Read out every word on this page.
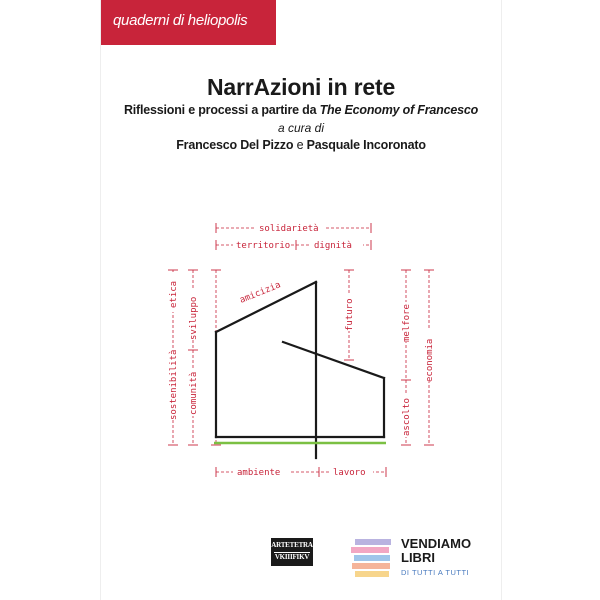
quaderni di heliopolis
NarrAzioni in rete
Riflessioni e processi a partire da The Economy of Francesco
a cura di
Francesco Del Pizzo e Pasquale Incoronato
solidarietà
territorio	dignità
amicizia
ambiente	lavoro
etica
sostenibilità
sviluppo
comunità
futuro	melfore
ascolto
economia
ARTETETRA
VKIIIFIKV
VENDIAMO
LIBRI
DI TUTTI A TUTTI
